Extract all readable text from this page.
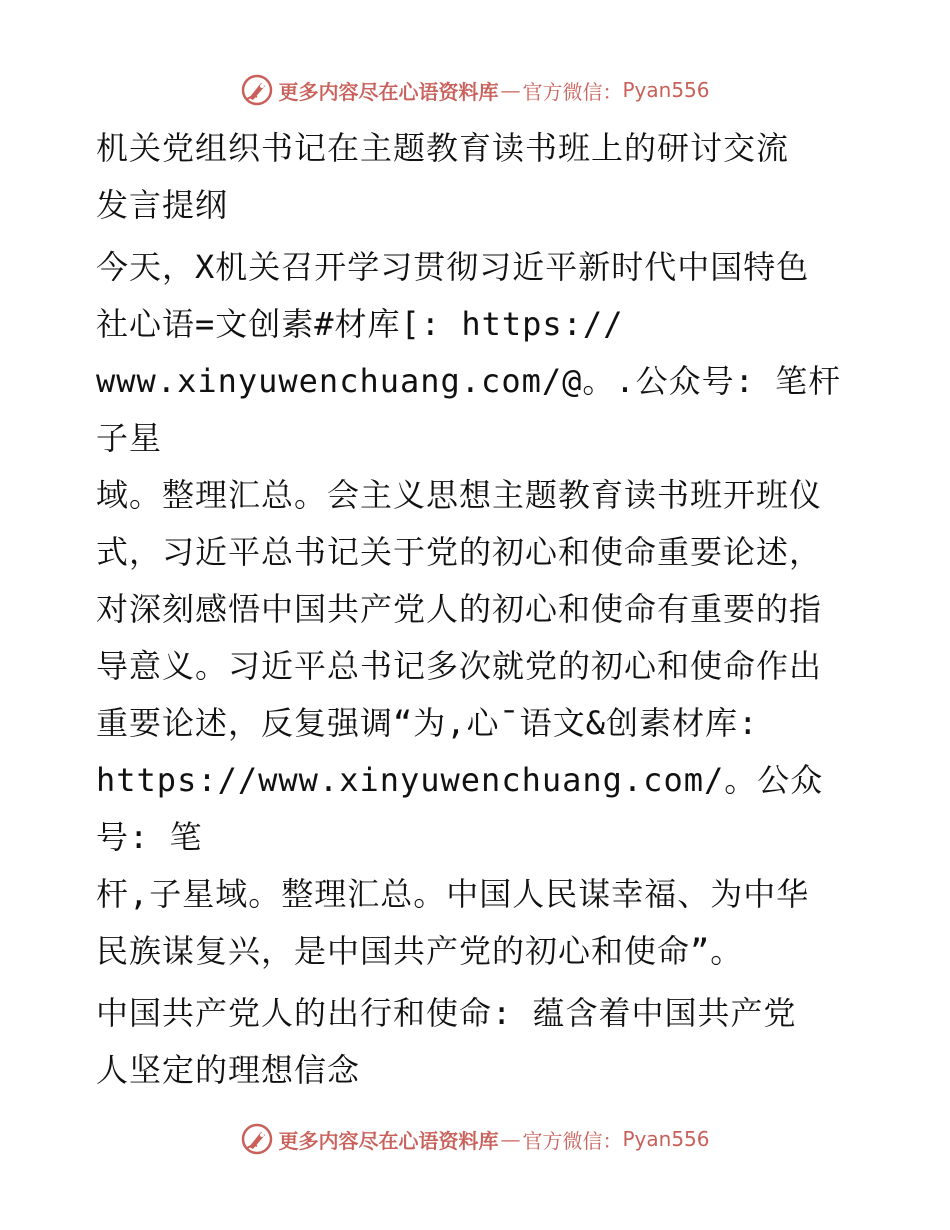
更多内容尽在心语资料库 — 官方微信： Pyan556

机关党组织书记在主题教育读书班上的研讨交流
发言提纲

今天，X机关召开学习贯彻习近平新时代中国特色
社心语=文创素#材库[: https://
www.xinyuwenchuang.com/@。.公众号: 笔杆子星
域。整理汇总。会主义思想主题教育读书班开班仪
式，习近平总书记关于党的初心和使命重要论述，
对深刻感悟中国共产党人的初心和使命有重要的指
导意义。习近平总书记多次就党的初心和使命作出
重要论述，反复强调“为,心¯语文&创素材库:
https://www.xinyuwenchuang.com/。公众号: 笔
杆,子星域。整理汇总。中国人民谋幸福、为中华
民族谋复兴，是中国共产党的初心和使命”。

中国共产党人的出行和使命: 蕴含着中国共产党
人坚定的理想信念

更多内容尽在心语资料库 — 官方微信： Pyan556
